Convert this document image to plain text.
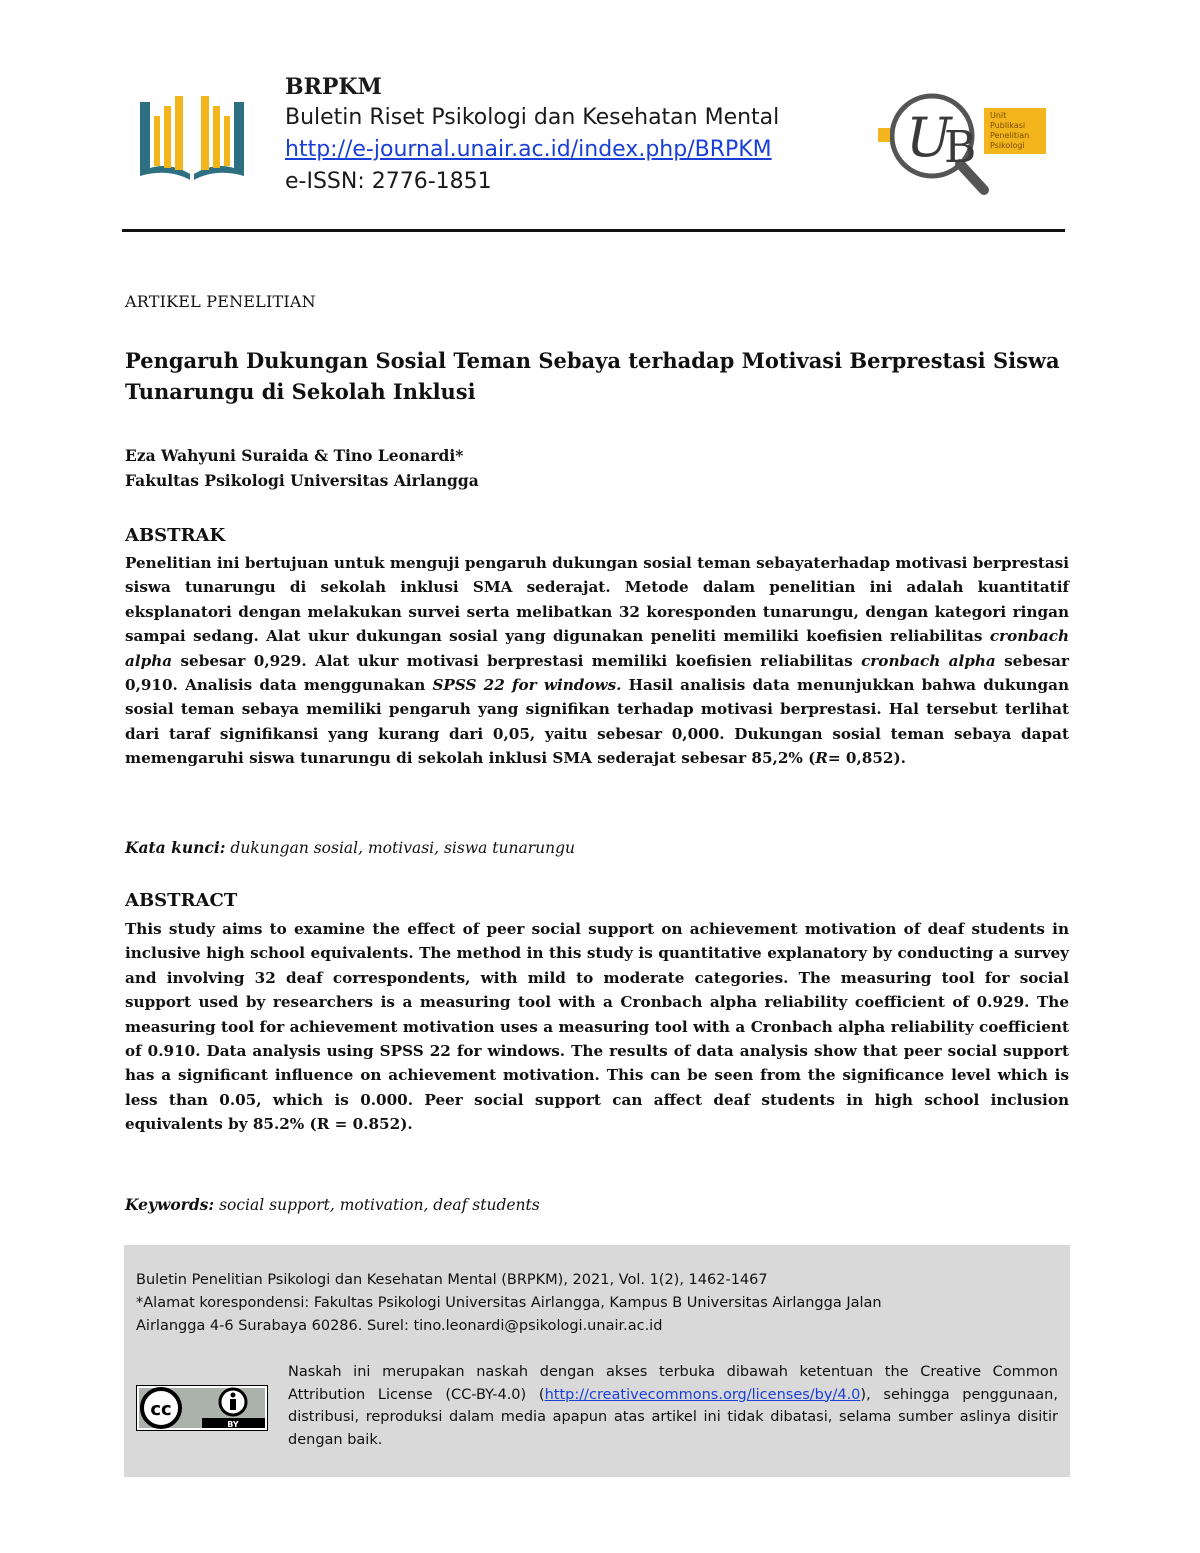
BRPKM
Buletin Riset Psikologi dan Kesehatan Mental
http://e-journal.unair.ac.id/index.php/BRPKM
e-ISSN: 2776-1851
U
B
Unit
Publikasi
Penelitian
Psikologi
ARTIKEL PENELITIAN
Pengaruh Dukungan Sosial Teman Sebaya terhadap Motivasi Berprestasi Siswa Tunarungu di Sekolah Inklusi
Eza Wahyuni Suraida & Tino Leonardi*
Fakultas Psikologi Universitas Airlangga
ABSTRAK
Penelitian ini bertujuan untuk menguji pengaruh dukungan sosial teman sebayaterhadap motivasi berprestasi siswa tunarungu di sekolah inklusi SMA sederajat. Metode dalam penelitian ini adalah kuantitatif eksplanatori dengan melakukan survei serta melibatkan 32 koresponden tunarungu, dengan kategori ringan sampai sedang. Alat ukur dukungan sosial yang digunakan peneliti memiliki koefisien reliabilitas cronbach alpha sebesar 0,929. Alat ukur motivasi berprestasi memiliki koefisien reliabilitas cronbach alpha sebesar 0,910. Analisis data menggunakan SPSS 22 for windows. Hasil analisis data menunjukkan bahwa dukungan sosial teman sebaya memiliki pengaruh yang signifikan terhadap motivasi berprestasi. Hal tersebut terlihat dari taraf signifikansi yang kurang dari 0,05, yaitu sebesar 0,000. Dukungan sosial teman sebaya dapat memengaruhi siswa tunarungu di sekolah inklusi SMA sederajat sebesar 85,2% (R= 0,852).
Kata kunci: dukungan sosial, motivasi, siswa tunarungu
ABSTRACT
This study aims to examine the effect of peer social support on achievement motivation of deaf students in inclusive high school equivalents. The method in this study is quantitative explanatory by conducting a survey and involving 32 deaf correspondents, with mild to moderate categories. The measuring tool for social support used by researchers is a measuring tool with a Cronbach alpha reliability coefficient of 0.929. The measuring tool for achievement motivation uses a measuring tool with a Cronbach alpha reliability coefficient of 0.910. Data analysis using SPSS 22 for windows. The results of data analysis show that peer social support has a significant influence on achievement motivation. This can be seen from the significance level which is less than 0.05, which is 0.000. Peer social support can affect deaf students in high school inclusion equivalents by 85.2% (R = 0.852).
Keywords: social support, motivation, deaf students
Buletin Penelitian Psikologi dan Kesehatan Mental (BRPKM), 2021, Vol. 1(2), 1462-1467
*Alamat korespondensi: Fakultas Psikologi Universitas Airlangga, Kampus B Universitas Airlangga Jalan
Airlangga 4-6 Surabaya 60286. Surel: tino.leonardi@psikologi.unair.ac.id
cc
BY
Naskah ini merupakan naskah dengan akses terbuka dibawah ketentuan the Creative Common Attribution License (CC-BY-4.0) (http://creativecommons.org/licenses/by/4.0), sehingga penggunaan, distribusi, reproduksi dalam media apapun atas artikel ini tidak dibatasi, selama sumber aslinya disitir dengan baik.
